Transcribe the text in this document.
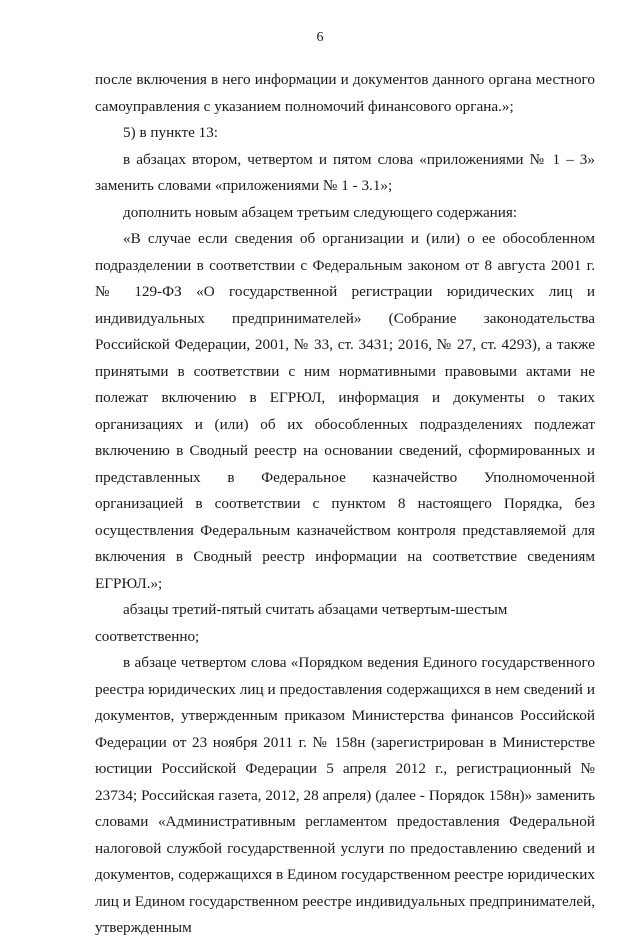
6

после включения в него информации и документов данного органа местного самоуправления с указанием полномочий финансового органа.»;

5) в пункте 13:

в абзацах втором, четвертом и пятом слова «приложениями № 1 – 3» заменить словами «приложениями № 1 - 3.1»;

дополнить новым абзацем третьим следующего содержания:

«В случае если сведения об организации и (или) о ее обособленном подразделении в соответствии с Федеральным законом от 8 августа 2001 г. № 129-ФЗ «О государственной регистрации юридических лиц и индивидуальных предпринимателей» (Собрание законодательства Российской Федерации, 2001, № 33, ст. 3431; 2016, № 27, ст. 4293), а также принятыми в соответствии с ним нормативными правовыми актами не полежат включению в ЕГРЮЛ, информация и документы о таких организациях и (или) об их обособленных подразделениях подлежат включению в Сводный реестр на основании сведений, сформированных и представленных в Федеральное казначейство Уполномоченной организацией в соответствии с пунктом 8 настоящего Порядка, без осуществления Федеральным казначейством контроля представляемой для включения в Сводный реестр информации на соответствие сведениям ЕГРЮЛ.»;

абзацы третий-пятый считать абзацами четвертым-шестым соответственно;

в абзаце четвертом слова «Порядком ведения Единого государственного реестра юридических лиц и предоставления содержащихся в нем сведений и документов, утвержденным приказом Министерства финансов Российской Федерации от 23 ноября 2011 г. № 158н (зарегистрирован в Министерстве юстиции Российской Федерации 5 апреля 2012 г., регистрационный № 23734; Российская газета, 2012, 28 апреля) (далее - Порядок 158н)» заменить словами «Административным регламентом предоставления Федеральной налоговой службой государственной услуги по предоставлению сведений и документов, содержащихся в Едином государственном реестре юридических лиц и Едином государственном реестре индивидуальных предпринимателей, утвержденным
